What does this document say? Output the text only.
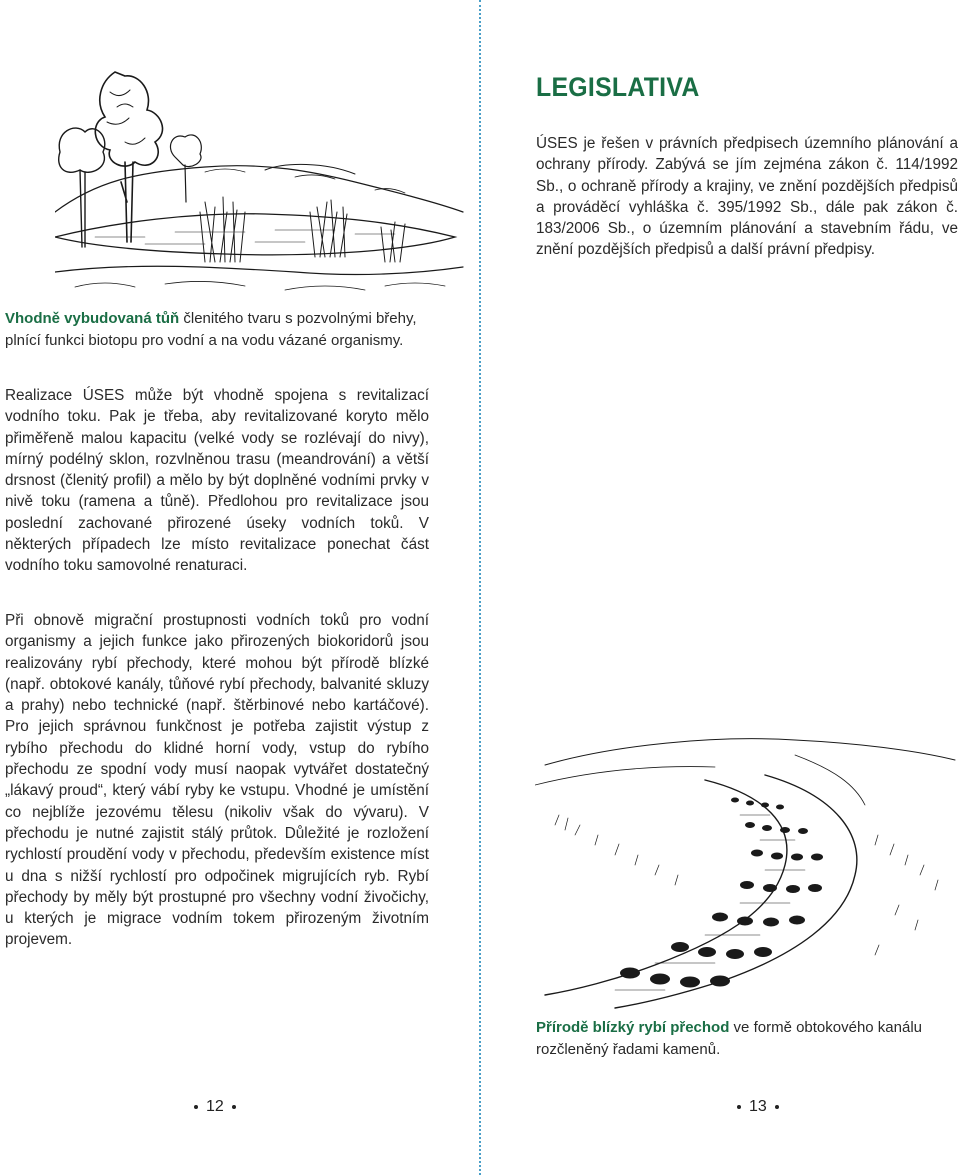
Vhodně vybudovaná tůň členitého tvaru s pozvolnými břehy, plnící funkci biotopu pro vodní a na vodu vázané organismy.

Realizace ÚSES může být vhodně spojena s revitalizací vodního toku. Pak je třeba, aby revitalizované koryto mělo přiměřeně malou kapacitu (velké vody se rozlévají do nivy), mírný podélný sklon, rozvlněnou trasu (meandrování) a větší drsnost (členitý profil) a mělo by být doplněné vodními prvky v nivě toku (ramena a tůně). Předlohou pro revitalizace jsou poslední zachované přirozené úseky vodních toků. V některých případech lze místo revitalizace ponechat část vodního toku samovolné renaturaci.

Při obnově migrační prostupnosti vodních toků pro vodní organismy a jejich funkce jako přirozených biokoridorů jsou realizovány rybí přechody, které mohou být přírodě blízké (např. obtokové kanály, tůňové rybí přechody, balvanité skluzy a prahy) nebo technické (např. štěrbinové nebo kartáčové). Pro jejich správnou funkčnost je potřeba zajistit výstup z rybího přechodu do klidné horní vody, vstup do rybího přechodu ze spodní vody musí naopak vytvářet dostatečný „lákavý proud“, který vábí ryby ke vstupu. Vhodné je umístění co nejblíže jezovému tělesu (nikoliv však do vývaru). V přechodu je nutné zajistit stálý průtok. Důležité je rozložení rychlostí proudění vody v přechodu, především existence míst u dna s nižší rychlostí pro odpočinek migrujících ryb. Rybí přechody by měly být prostupné pro všechny vodní živočichy, u kterých je migrace vodním tokem přirozeným životním projevem.

12
LEGISLATIVA

ÚSES je řešen v právních předpisech územního plánování a ochrany přírody. Zabývá se jím zejména zákon č. 114/1992 Sb., o ochraně přírody a krajiny, ve znění pozdějších předpisů a prováděcí vyhláška č. 395/1992 Sb., dále pak zákon č. 183/2006 Sb., o územním plánování a stavebním řádu, ve znění pozdějších předpisů a další právní předpisy.

Přírodě blízký rybí přechod ve formě obtokového kanálu rozčleněný řadami kamenů.
13
